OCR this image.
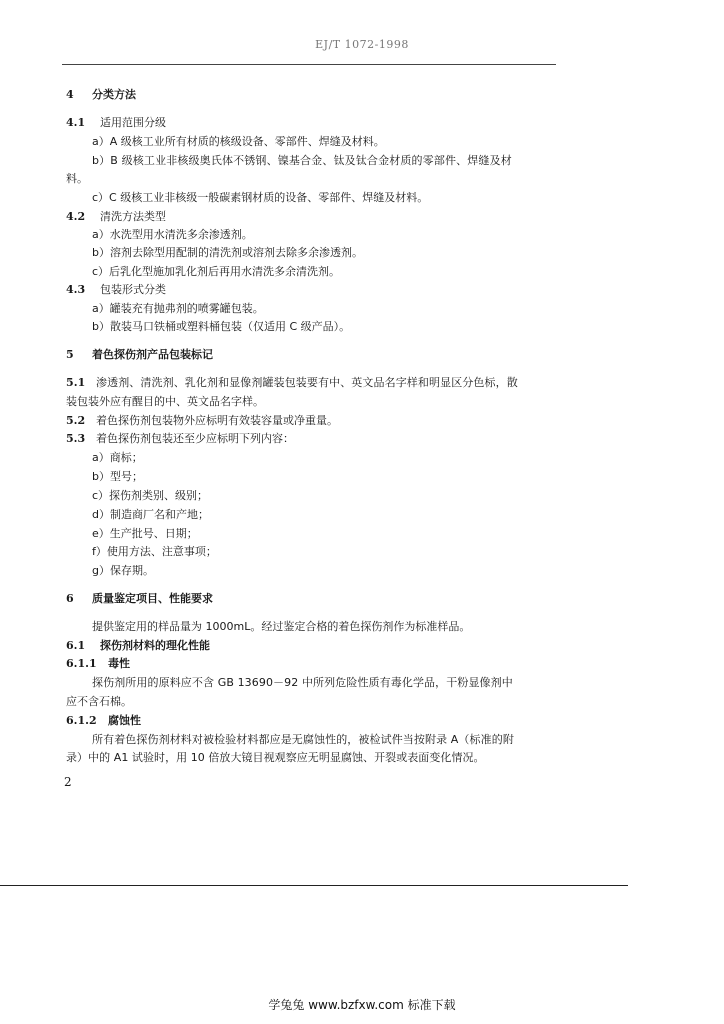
EJ/T 1072-1998
4 分类方法
4.1 适用范围分级
a）A 级核工业所有材质的核级设备、零部件、焊缝及材料。
b）B 级核工业非核级奥氏体不锈钢、镍基合金、钛及钛合金材质的零部件、焊缝及材
料。
c）C 级核工业非核级一般碳素钢材质的设备、零部件、焊缝及材料。
4.2 清洗方法类型
a）水洗型用水清洗多余渗透剂。
b）溶剂去除型用配制的清洗剂或溶剂去除多余渗透剂。
c）后乳化型施加乳化剂后再用水清洗多余清洗剂。
4.3 包装形式分类
a）罐装充有抛弗剂的喷雾罐包装。
b）散装马口铁桶或塑料桶包装（仅适用 C 级产品）。
5 着色探伤剂产品包装标记
5.1 渗透剂、清洗剂、乳化剂和显像剂罐装包装要有中、英文品名字样和明显区分色标，散
装包装外应有醒目的中、英文品名字样。
5.2 着色探伤剂包装物外应标明有效装容量或净重量。
5.3 着色探伤剂包装还至少应标明下列内容：
a）商标；
b）型号；
c）探伤剂类别、级别；
d）制造商厂名和产地；
e）生产批号、日期；
f）使用方法、注意事项；
g）保存期。
6 质量鉴定项目、性能要求
提供鉴定用的样品量为 1000mL。经过鉴定合格的着色探伤剂作为标准样品。
6.1 探伤剂材料的理化性能
6.1.1 毒性
探伤剂所用的原料应不含 GB 13690－92 中所列危险性质有毒化学品，干粉显像剂中
应不含石棉。
6.1.2 腐蚀性
所有着色探伤剂材料对被检验材料都应是无腐蚀性的，被检试件当按附录 A（标准的附
录）中的 A1 试验时，用 10 倍放大镜目视观察应无明显腐蚀、开裂或表面变化情况。
2
学兔兔 www.bzfxw.com 标准下载
